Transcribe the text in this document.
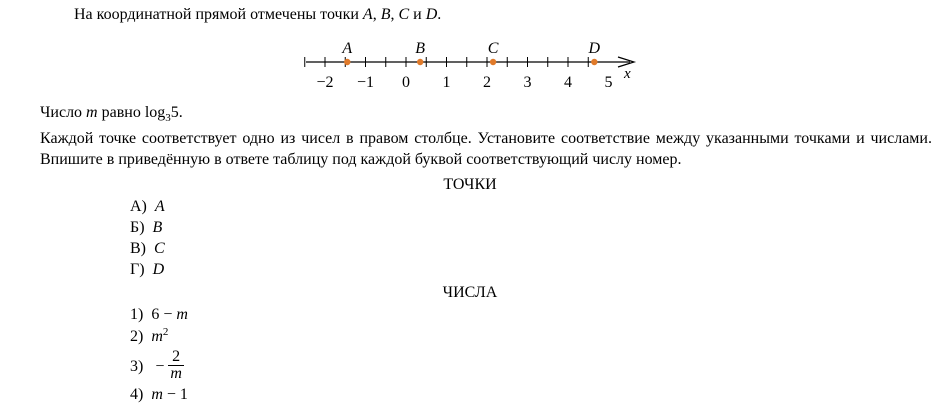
На координатной прямой отмечены точки A, B, C и D.
x
−2 −1 0 1 2 3 4 5
A	B	C	D
Число m равно $\log_35$.
Каждой точке соответствует одно из чисел в правом столбце. Установите соответствие между указанными точками и числами. Впишите в приведённую в ответе таблицу под каждой буквой соответствующий числу номер.
ТОЧКИ
А) A
Б) B
В) C
Г) D
ЧИСЛА
1) 6 − m
2) $m^2$
$3) - \frac{2}{m}$
4) m − 1
